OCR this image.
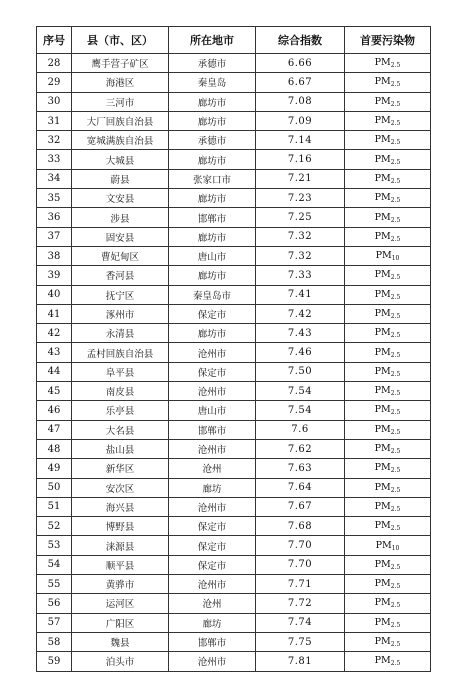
序号	县（市、区）	所在地市	综合指数	首要污染物
28	鹰手营子矿区	承德市	6.66	$PM_{2.5}$
29	海港区	秦皇岛	6.67	$PM_{2.5}$
30	三河市	廊坊市	7.08	$PM_{2.5}$
31	大厂回族自治县	廊坊市	7.09	$PM_{2.5}$
32	宽城满族自治县	承德市	7.14	$PM_{2.5}$
33	大城县	廊坊市	7.16	$PM_{2.5}$
34	蔚县	张家口市	7.21	$PM_{2.5}$
35	文安县	廊坊市	7.23	$PM_{2.5}$
36	涉县	邯郸市	7.25	$PM_{2.5}$
37	固安县	廊坊市	7.32	$PM_{2.5}$
38	曹妃甸区	唐山市	7.32	$PM_{10}$
39	香河县	廊坊市	7.33	$PM_{2.5}$
40	抚宁区	秦皇岛市	7.41	$PM_{2.5}$
41	涿州市	保定市	7.42	$PM_{2.5}$
42	永清县	廊坊市	7.43	$PM_{2.5}$
43	孟村回族自治县	沧州市	7.46	$PM_{2.5}$
44	阜平县	保定市	7.50	$PM_{2.5}$
45	南皮县	沧州市	7.54	$PM_{2.5}$
46	乐亭县	唐山市	7.54	$PM_{2.5}$
47	大名县	邯郸市	7.6	$PM_{2.5}$
48	盐山县	沧州市	7.62	$PM_{2.5}$
49	新华区	沧州	7.63	$PM_{2.5}$
50	安次区	廊坊	7.64	$PM_{2.5}$
51	海兴县	沧州市	7.67	$PM_{2.5}$
52	博野县	保定市	7.68	$PM_{2.5}$
53	涞源县	保定市	7.70	$PM_{10}$
54	顺平县	保定市	7.70	$PM_{2.5}$
55	黄骅市	沧州市	7.71	$PM_{2.5}$
56	运河区	沧州	7.72	$PM_{2.5}$
57	广阳区	廊坊	7.74	$PM_{2.5}$
58	魏县	邯郸市	7.75	$PM_{2.5}$
59	泊头市	沧州市	7.81	$PM_{2.5}$
